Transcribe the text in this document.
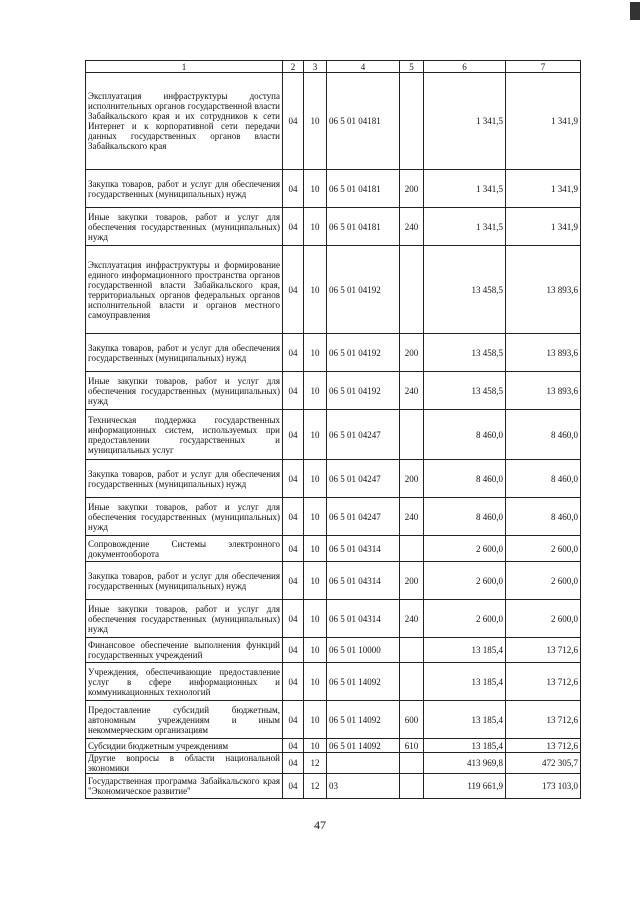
1	2	3	4	5	6	7
Эксплуатация инфраструктуры доступа исполнительных органов государственной власти Забайкальского края и их сотрудников к сети Интернет и к корпоративной сети передачи данных государственных органов власти Забайкальского края	04	10	06 5 01 04181		1 341,5	1 341,9
Закупка товаров, работ и услуг для обеспечения государственных (муниципальных) нужд	04	10	06 5 01 04181	200	1 341,5	1 341,9
Иные закупки товаров, работ и услуг для обеспечения государственных (муниципальных) нужд	04	10	06 5 01 04181	240	1 341,5	1 341,9
Эксплуатация инфраструктуры и формирование единого информационного пространства органов государственной власти Забайкальского края, территориальных органов федеральных органов исполнительной власти и органов местного самоуправления	04	10	06 5 01 04192		13 458,5	13 893,6
Закупка товаров, работ и услуг для обеспечения государственных (муниципальных) нужд	04	10	06 5 01 04192	200	13 458,5	13 893,6
Иные закупки товаров, работ и услуг для обеспечения государственных (муниципальных) нужд	04	10	06 5 01 04192	240	13 458,5	13 893,6
Техническая поддержка государственных информационных систем, используемых при предоставлении государственных и муниципальных услуг	04	10	06 5 01 04247		8 460,0	8 460,0
Закупка товаров, работ и услуг для обеспечения государственных (муниципальных) нужд	04	10	06 5 01 04247	200	8 460,0	8 460,0
Иные закупки товаров, работ и услуг для обеспечения государственных (муниципальных) нужд	04	10	06 5 01 04247	240	8 460,0	8 460,0
Сопровождение Системы электронного документооборота	04	10	06 5 01 04314		2 600,0	2 600,0
Закупка товаров, работ и услуг для обеспечения государственных (муниципальных) нужд	04	10	06 5 01 04314	200	2 600,0	2 600,0
Иные закупки товаров, работ и услуг для обеспечения государственных (муниципальных) нужд	04	10	06 5 01 04314	240	2 600,0	2 600,0
Финансовое обеспечение выполнения функций государственных учреждений	04	10	06 5 01 10000		13 185,4	13 712,6
Учреждения, обеспечивающие предоставление услуг в сфере информационных и коммуникационных технологий	04	10	06 5 01 14092		13 185,4	13 712,6
Предоставление субсидий бюджетным, автономным учреждениям и иным некоммерческим организациям	04	10	06 5 01 14092	600	13 185,4	13 712,6
Субсидии бюджетным учреждениям	04	10	06 5 01 14092	610	13 185,4	13 712,6
Другие вопросы в области национальной экономики	04	12			413 969,8	472 305,7
Государственная программа Забайкальского края "Экономическое развитие"	04	12	03		119 661,9	173 103,0
47
